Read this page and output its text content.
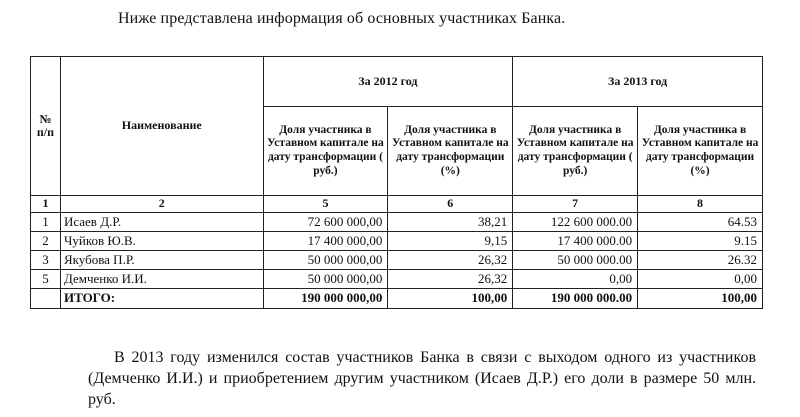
Ниже представлена информация об основных участниках Банка.
№ п/п	Наименование	За 2012 год		За 2013 год	
		Доля участника в Уставном капитале на дату трансформации ( руб.)	Доля участника в Уставном капитале на дату трансформации (%)	Доля участника в Уставном капитале на дату трансформации ( руб.)	Доля участника в Уставном капитале на дату трансформации (%)
1	2	5	6	7	8
1	Исаев Д.Р.	72 600 000,00	38,21	122 600 000.00	64.53
2	Чуйков Ю.В.	17 400 000,00	9,15	17 400 000.00	9.15
3	Якубова П.Р.	50 000 000,00	26,32	50 000 000.00	26.32
5	Демченко И.И.	50 000 000,00	26,32	0,00	0,00
	ИТОГО:	190 000 000,00	100,00	190 000 000.00	100,00

В 2013 году изменился состав участников Банка в связи с выходом одного из участников (Демченко И.И.) и приобретением другим участником (Исаев Д.Р.) его доли в размере 50 млн. руб.
